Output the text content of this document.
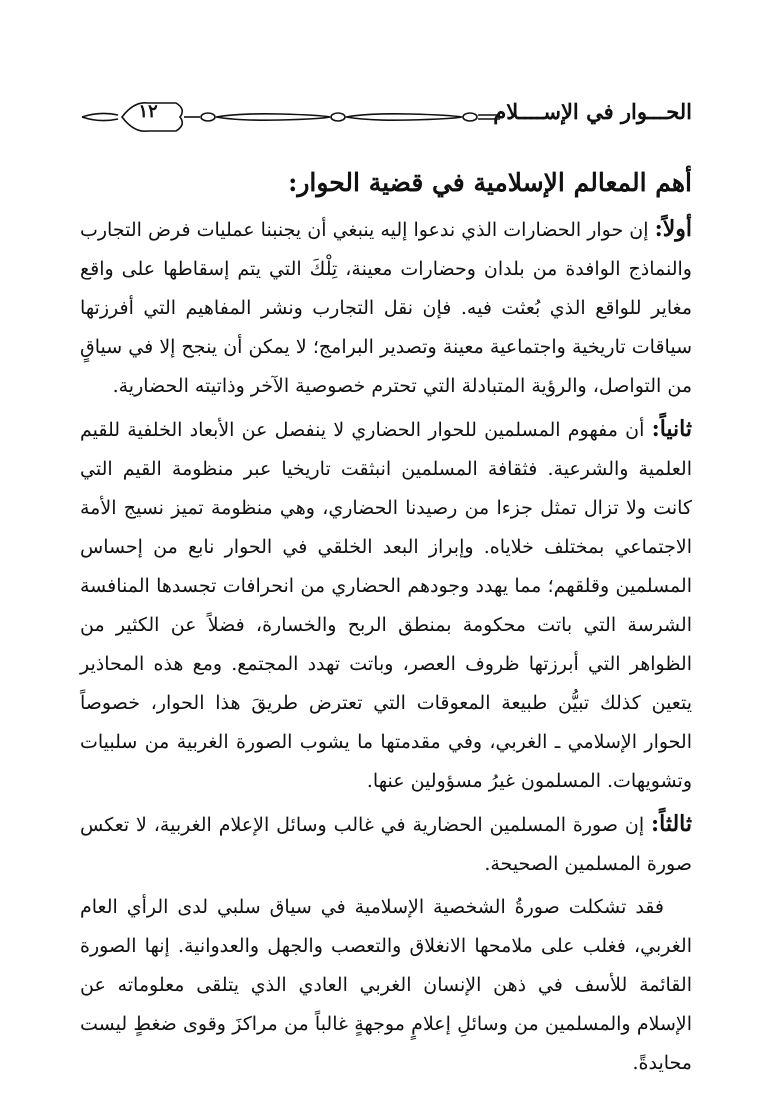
١٢	الحـــوار في الإســــلام
أهم المعالم الإسلامية في قضية الحوار:

أولاً: إن حوار الحضارات الذي ندعوا إليه ينبغي أن يجنبنا عمليات فرض التجارب والنماذج الوافدة من بلدان وحضارات معينة، تِلْكَ التي يتم إسقاطها على واقع مغاير للواقع الذي بُعثت فيه. فإن نقل التجارب ونشر المفاهيم التي أفرزتها سياقات تاريخية واجتماعية معينة وتصدير البرامج؛ لا يمكن أن ينجح إلا في سياقٍ من التواصل، والرؤية المتبادلة التي تحترم خصوصية الآخر وذاتيته الحضارية.

ثانياً: أن مفهوم المسلمين للحوار الحضاري لا ينفصل عن الأبعاد الخلفية للقيم العلمية والشرعية. فثقافة المسلمين انبثقت تاريخيا عبر منظومة القيم التي كانت ولا تزال تمثل جزءا من رصيدنا الحضاري، وهي منظومة تميز نسيج الأمة الاجتماعي بمختلف خلاياه. وإبراز البعد الخلقي في الحوار نابع من إحساس المسلمين وقلقهم؛ مما يهدد وجودهم الحضاري من انحرافات تجسدها المنافسة الشرسة التي باتت محكومة بمنطق الربح والخسارة، فضلاً عن الكثير من الظواهر التي أبرزتها ظروف العصر، وباتت تهدد المجتمع. ومع هذه المحاذير يتعين كذلك تبيُّن طبيعة المعوقات التي تعترض طريقَ هذا الحوار، خصوصاً الحوار الإسلامي ـ الغربي، وفي مقدمتها ما يشوب الصورة الغربية من سلبيات وتشويهات. المسلمون غيرُ مسؤولين عنها.

ثالثاً: إن صورة المسلمين الحضارية في غالب وسائل الإعلام الغربية، لا تعكس صورة المسلمين الصحيحة.

فقد تشكلت صورةُ الشخصية الإسلامية في سياق سلبي لدى الرأي العام الغربي، فغلب على ملامحها الانغلاق والتعصب والجهل والعدوانية. إنها الصورة القائمة للأسف في ذهن الإنسان الغربي العادي الذي يتلقى معلوماته عن الإسلام والمسلمين من وسائلِ إعلامٍ موجهةٍ غالباً من مراكزَ وقوى ضغطٍ ليست محايدةً.
